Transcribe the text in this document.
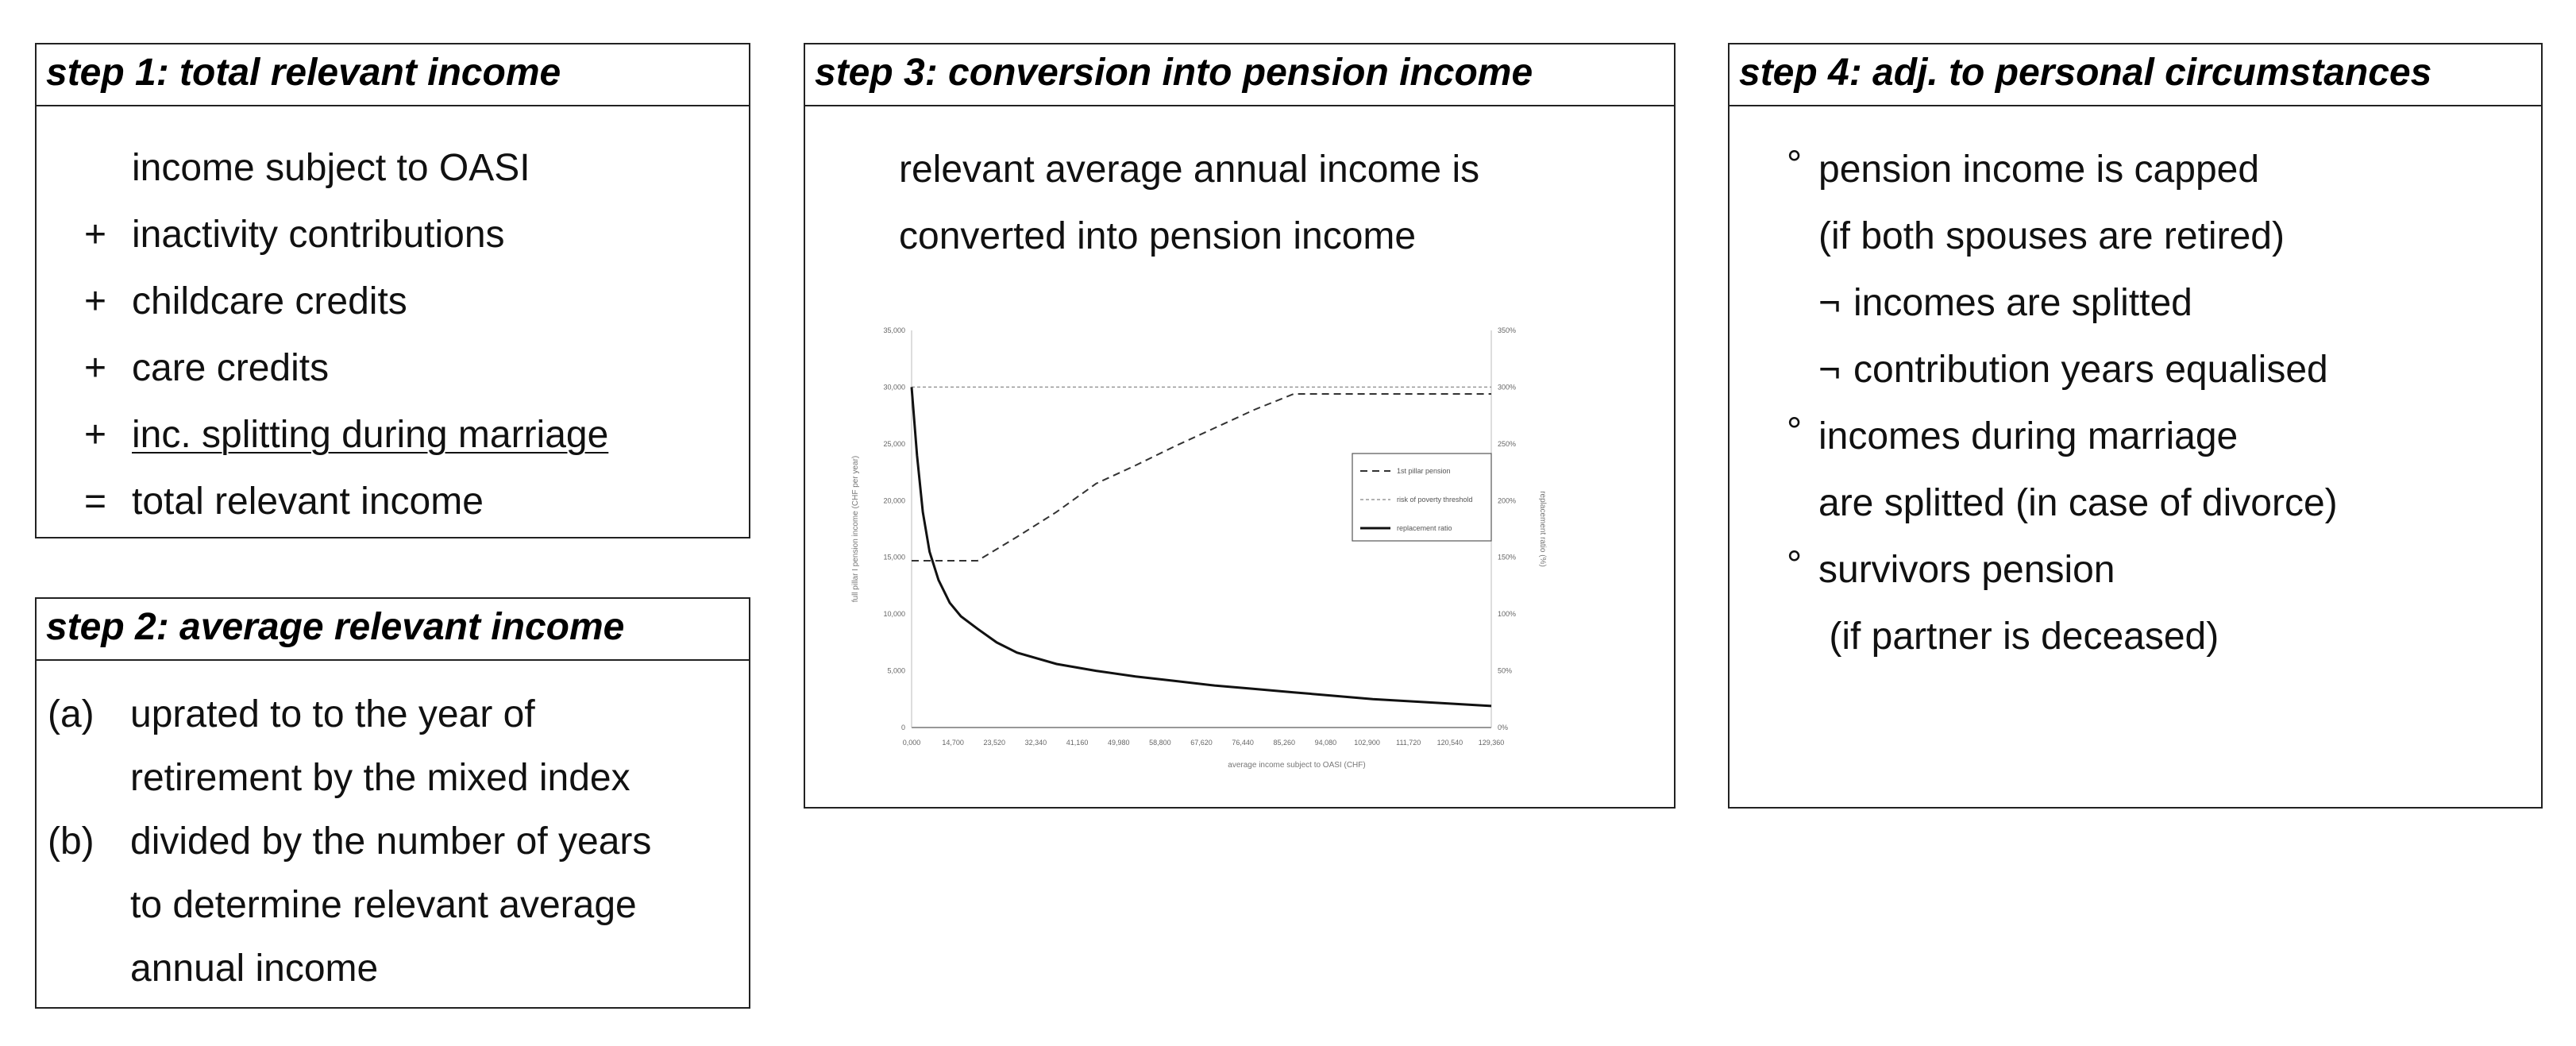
step 1: total relevant income
income subject to OASI
+ inactivity contributions
+ childcare credits
+ care credits
+ inc. splitting during marriage
= total relevant income
step 2: average relevant income
(a) uprated to to the year of
retirement by the mixed index
(b) divided by the number of years
to determine relevant average
annual income
step 3: conversion into pension income
relevant average annual income is
converted into pension income
0,000	14,700	23,520	32,340	41,160	49,980	58,800	67,620	76,440	85,260	94,080 102,900 111,720 120,540 129,360
0
5,000
10,000
15,000
20,000
25,000
30,000
35,000
0%
50%
100%
150%
200%
250%
300%
350%
average income subject to OASI (CHF)
full pillar I pension income (CHF per year)	replacement ratio (%)
1st pillar pension
risk of poverty threshold
replacement ratio
step 4: adj. to personal circumstances
° pension income is capped
(if both spouses are retired)
¬ incomes are splitted
¬ contribution years equalised
° incomes during marriage
are splitted (in case of divorce)
° survivors pension
(if partner is deceased)
